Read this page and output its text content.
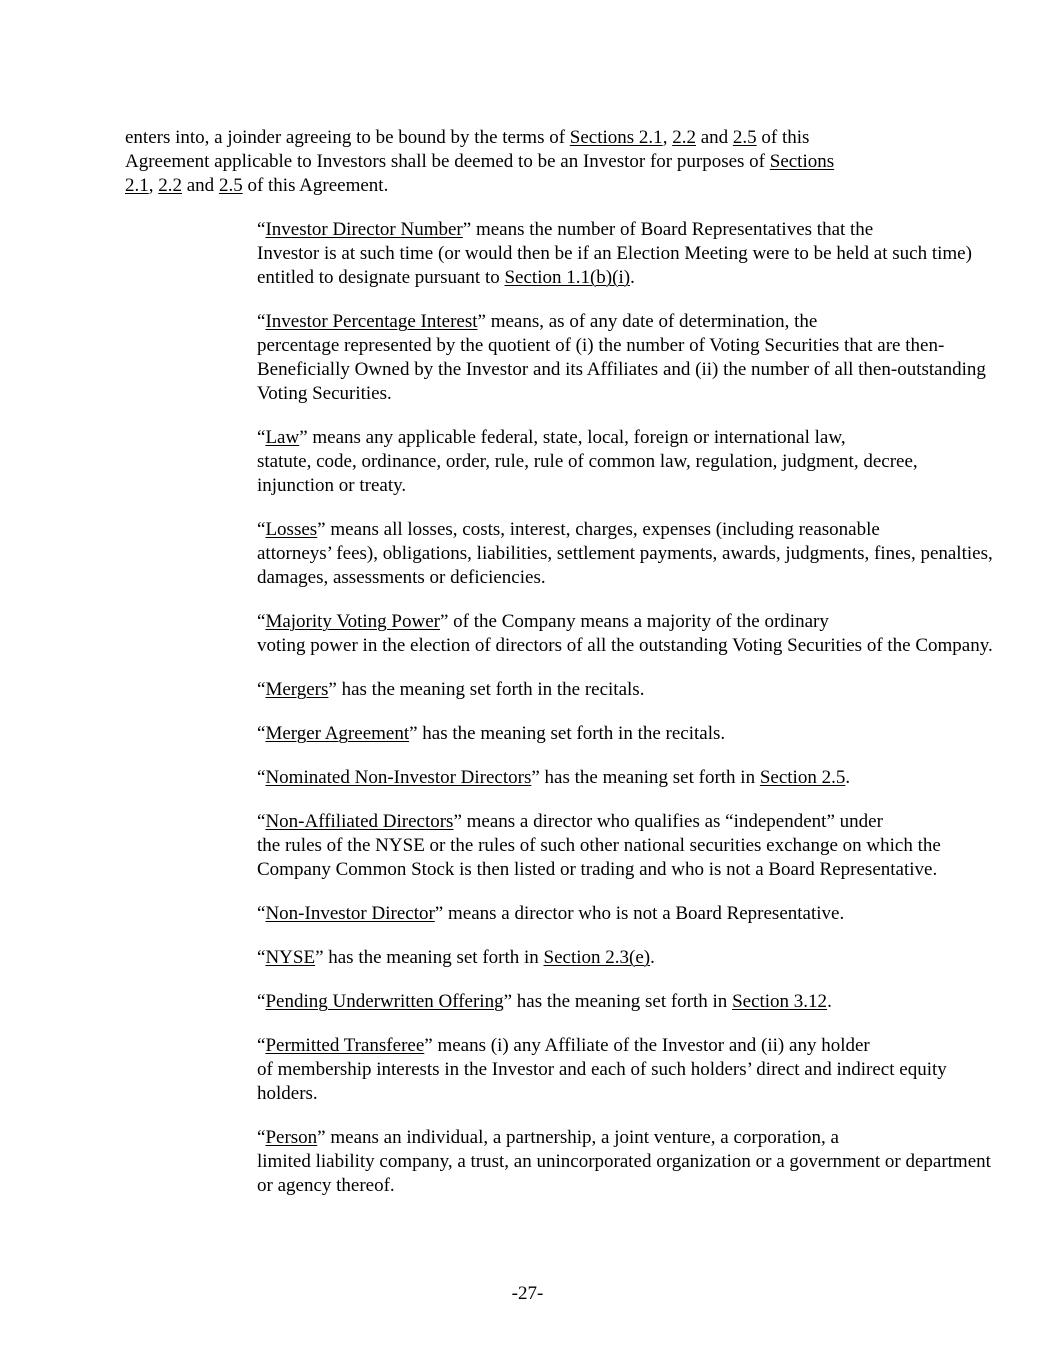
enters into, a joinder agreeing to be bound by the terms of Sections 2.1, 2.2 and 2.5 of this
Agreement applicable to Investors shall be deemed to be an Investor for purposes of Sections
2.1, 2.2 and 2.5 of this Agreement.
“Investor Director Number” means the number of Board Representatives that the
Investor is at such time (or would then be if an Election Meeting were to be held at such time)
entitled to designate pursuant to Section 1.1(b)(i).
“Investor Percentage Interest” means, as of any date of determination, the
percentage represented by the quotient of (i) the number of Voting Securities that are then-
Beneficially Owned by the Investor and its Affiliates and (ii) the number of all then-outstanding
Voting Securities.
“Law” means any applicable federal, state, local, foreign or international law,
statute, code, ordinance, order, rule, rule of common law, regulation, judgment, decree,
injunction or treaty.
“Losses” means all losses, costs, interest, charges, expenses (including reasonable
attorneys’ fees), obligations, liabilities, settlement payments, awards, judgments, fines, penalties,
damages, assessments or deficiencies.
“Majority Voting Power” of the Company means a majority of the ordinary
voting power in the election of directors of all the outstanding Voting Securities of the Company.
“Mergers” has the meaning set forth in the recitals.
“Merger Agreement” has the meaning set forth in the recitals.
“Nominated Non-Investor Directors” has the meaning set forth in Section 2.5.
“Non-Affiliated Directors” means a director who qualifies as “independent” under
the rules of the NYSE or the rules of such other national securities exchange on which the
Company Common Stock is then listed or trading and who is not a Board Representative.
“Non-Investor Director” means a director who is not a Board Representative.
“NYSE” has the meaning set forth in Section 2.3(e).
“Pending Underwritten Offering” has the meaning set forth in Section 3.12.
“Permitted Transferee” means (i) any Affiliate of the Investor and (ii) any holder
of membership interests in the Investor and each of such holders’ direct and indirect equity
holders.
“Person” means an individual, a partnership, a joint venture, a corporation, a
limited liability company, a trust, an unincorporated organization or a government or department
or agency thereof.
-27-
